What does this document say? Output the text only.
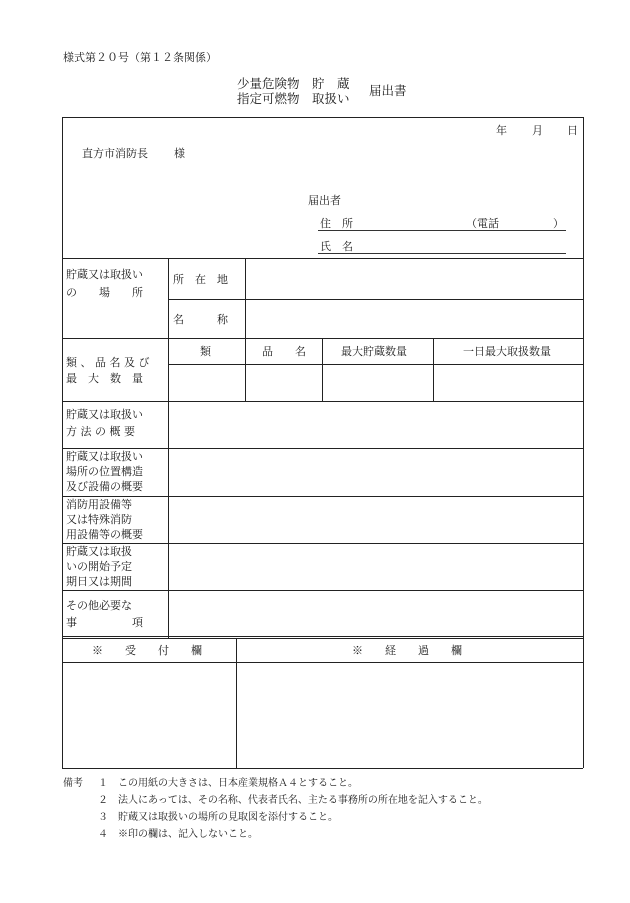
様式第２０号（第１２条関係）
少量危険物　貯　蔵
指定可燃物　取扱い
届出書
年 月 日
直方市消防長 様
届出者
住　所	（電話	）
氏　名
貯蔵又は取扱い
の　　場　　所
所　在　地
名　　　称
類 、 品 名 及 び
最　大　数　量
類	品　　名	最大貯蔵数量	一日最大取扱数量
貯蔵又は取扱い
方 法 の 概 要
貯蔵又は取扱い
場所の位置構造
及び設備の概要
消防用設備等
又は特殊消防
用設備等の概要
貯蔵又は取扱
いの開始予定
期日又は期間
その他必要な
事　　　　　項
※　　受　　付　　欄	※　　経　　過　　欄
備考 １ この用紙の大きさは、日本産業規格Ａ４とすること。
２ 法人にあっては、その名称、代表者氏名、主たる事務所の所在地を記入すること。
３ 貯蔵又は取扱いの場所の見取図を添付すること。
４ ※印の欄は、記入しないこと。
